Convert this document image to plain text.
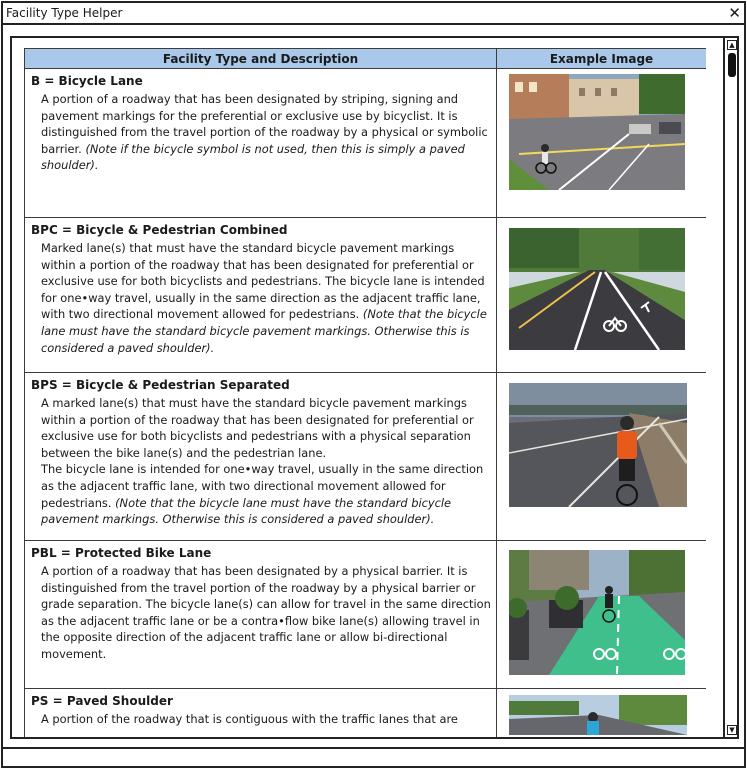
Facility Type Helper	✕
Facility Type and Description	Example Image

B = Bicycle Lane
A portion of a roadway that has been designated by striping, signing and pavement markings for the preferential or exclusive use by bicyclist. It is distinguished from the travel portion of the roadway by a physical or symbolic barrier. (Note if the bicycle symbol is not used, then this is simply a paved shoulder).

BPC = Bicycle & Pedestrian Combined
Marked lane(s) that must have the standard bicycle pavement markings within a portion of the roadway that has been designated for preferential or exclusive use for both bicyclists and pedestrians. The bicycle lane is intended for one•way travel, usually in the same direction as the adjacent traffic lane, with two directional movement allowed for pedestrians. (Note that the bicycle lane must have the standard bicycle pavement markings. Otherwise this is considered a paved shoulder).

BPS = Bicycle & Pedestrian Separated

A marked lane(s) that must have the standard bicycle pavement markings within a portion of the roadway that has been designated for preferential or exclusive use for both bicyclists and pedestrians with a physical separation between the bike lane(s) and the pedestrian lane.

The bicycle lane is intended for one•way travel, usually in the same direction as the adjacent traffic lane, with two directional movement allowed for pedestrians. (Note that the bicycle lane must have the standard bicycle pavement markings. Otherwise this is considered a paved shoulder).

PBL = Protected Bike Lane
A portion of a roadway that has been designated by a physical barrier. It is distinguished from the travel portion of the roadway by a physical barrier or grade separation. The bicycle lane(s) can allow for travel in the same direction as the adjacent traffic lane or be a contra•flow bike lane(s) allowing travel in the opposite direction of the adjacent traffic lane or allow bi-directional movement.

PS = Paved Shoulder
A portion of the roadway that is contiguous with the traffic lanes that are

▲
▼
